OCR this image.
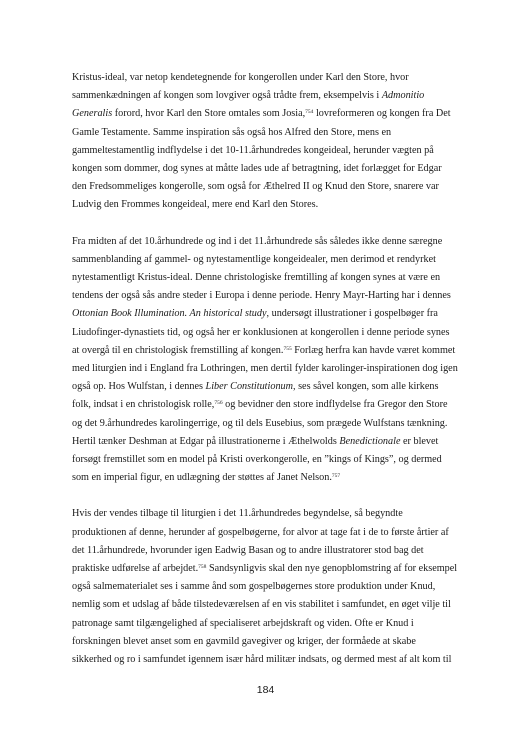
Kristus-ideal, var netop kendetegnende for kongerollen under Karl den Store, hvor
sammenkædningen af kongen som lovgiver også trådte frem, eksempelvis i Admonitio
Generalis forord, hvor Karl den Store omtales som Josia,$^{754}$ lovreformeren og kongen fra Det
Gamle Testamente. Samme inspiration sås også hos Alfred den Store, mens en
gammeltestamentlig indflydelse i det 10-11.århundredes kongeideal, herunder vægten på
kongen som dommer, dog synes at måtte lades ude af betragtning, idet forlægget for Edgar
den Fredsommeliges kongerolle, som også for Æthelred II og Knud den Store, snarere var
Ludvig den Frommes kongeideal, mere end Karl den Stores.
Fra midten af det 10.århundrede og ind i det 11.århundrede sås således ikke denne særegne
sammenblanding af gammel- og nytestamentlige kongeidealer, men derimod et rendyrket
nytestamentligt Kristus-ideal. Denne christologiske fremtilling af kongen synes at være en
tendens der også sås andre steder i Europa i denne periode. Henry Mayr-Harting har i dennes
Ottonian Book Illumination. An historical study, undersøgt illustrationer i gospelbøger fra
Liudofinger-dynastiets tid, og også her er konklusionen at kongerollen i denne periode synes
at overgå til en christologisk fremstilling af kongen.$^{755}$ Forlæg herfra kan havde været kommet
med liturgien ind i England fra Lothringen, men dertil fylder karolinger-inspirationen dog igen
også op. Hos Wulfstan, i dennes Liber Constitutionum, ses såvel kongen, som alle kirkens
folk, indsat i en christologisk rolle,$^{756}$ og bevidner den store indflydelse fra Gregor den Store
og det 9.århundredes karolingerrige, og til dels Eusebius, som prægede Wulfstans tænkning.
Hertil tænker Deshman at Edgar på illustrationerne i Æthelwolds Benedictionale er blevet
forsøgt fremstillet som en model på Kristi overkongerolle, en ”kings of Kings”, og dermed
som en imperial figur, en udlægning der støttes af Janet Nelson.$^{757}$
Hvis der vendes tilbage til liturgien i det 11.århundredes begyndelse, så begyndte
produktionen af denne, herunder af gospelbøgerne, for alvor at tage fat i de to første årtier af
det 11.århundrede, hvorunder igen Eadwig Basan og to andre illustratorer stod bag det
praktiske udførelse af arbejdet.$^{758}$ Sandsynligvis skal den nye genopblomstring af for eksempel
også salmematerialet ses i samme ånd som gospelbøgernes store produktion under Knud,
nemlig som et udslag af både tilstedeværelsen af en vis stabilitet i samfundet, en øget vilje til
patronage samt tilgængelighed af specialiseret arbejdskraft og viden. Ofte er Knud i
forskningen blevet anset som en gavmild gavegiver og kriger, der formåede at skabe
sikkerhed og ro i samfundet igennem især hård militær indsats, og dermed mest af alt kom til
184
